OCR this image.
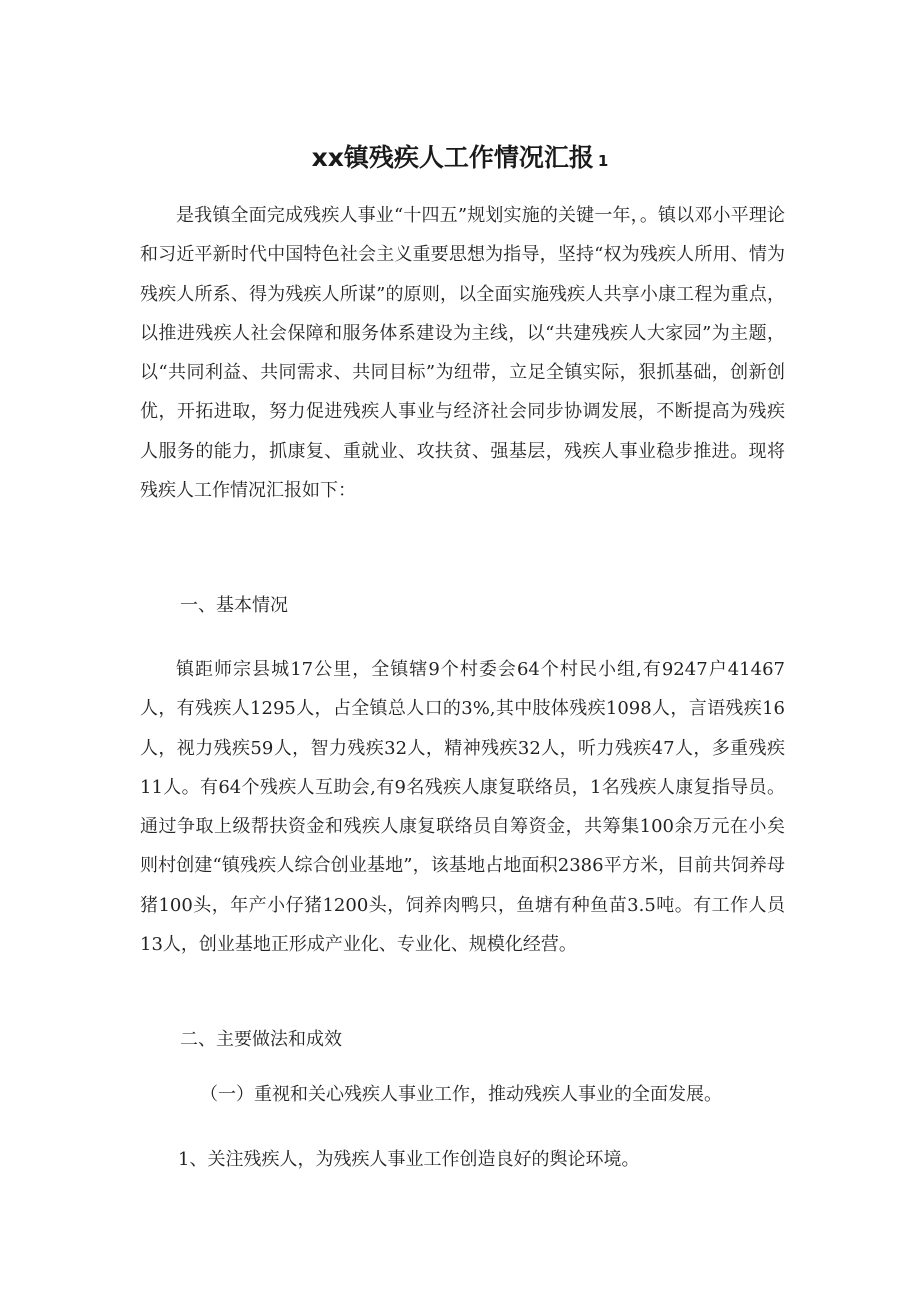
xx镇残疾人工作情况汇报 1

是我镇全面完成残疾人事业“十四五”规划实施的关键一年，。镇以邓小平理论和习近平新时代中国特色社会主义重要思想为指导，坚持“权为残疾人所用、情为残疾人所系、得为残疾人所谋”的原则，以全面实施残疾人共享小康工程为重点，以推进残疾人社会保障和服务体系建设为主线，以“共建残疾人大家园”为主题，以“共同利益、共同需求、共同目标”为纽带，立足全镇实际，狠抓基础，创新创优，开拓进取，努力促进残疾人事业与经济社会同步协调发展，不断提高为残疾人服务的能力，抓康复、重就业、攻扶贫、强基层，残疾人事业稳步推进。现将残疾人工作情况汇报如下：

一、基本情况

镇距师宗县城17公里，全镇辖9个村委会64个村民小组,有9247户41467人，有残疾人1295人，占全镇总人口的3%,其中肢体残疾1098人，言语残疾16人，视力残疾59人，智力残疾32人，精神残疾32人，听力残疾47人，多重残疾11人。有64个残疾人互助会,有9名残疾人康复联络员，1名残疾人康复指导员。通过争取上级帮扶资金和残疾人康复联络员自筹资金，共筹集100余万元在小矣则村创建“镇残疾人综合创业基地”，该基地占地面积2386平方米，目前共饲养母猪100头，年产小仔猪1200头，饲养肉鸭只，鱼塘有种鱼苗3.5吨。有工作人员13人，创业基地正形成产业化、专业化、规模化经营。

二、主要做法和成效

（一）重视和关心残疾人事业工作，推动残疾人事业的全面发展。

1、关注残疾人，为残疾人事业工作创造良好的舆论环境。
